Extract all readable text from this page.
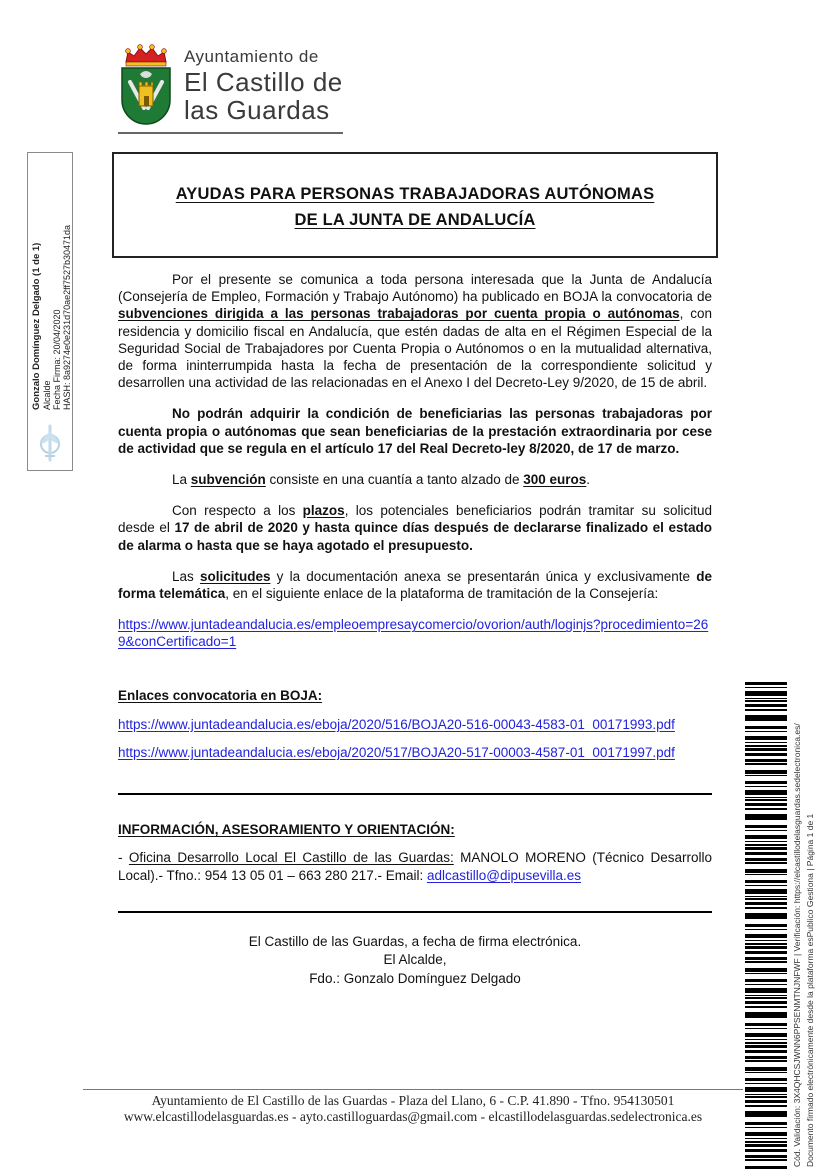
Ayuntamiento de
El Castillo de
las Guardas
Gonzalo Domínguez Delgado (1 de 1) Alcalde Fecha Firma: 20/04/2020 HASH: 8a9274e0e231d70ae2ff7527b30471da
AYUDAS PARA PERSONAS TRABAJADORAS AUTÓNOMAS
DE LA JUNTA DE ANDALUCÍA

Por el presente se comunica a toda persona interesada que la Junta de Andalucía (Consejería de Empleo, Formación y Trabajo Autónomo) ha publicado en BOJA la convocatoria de subvenciones dirigida a las personas trabajadoras por cuenta propia o autónomas, con residencia y domicilio fiscal en Andalucía, que estén dadas de alta en el Régimen Especial de la Seguridad Social de Trabajadores por Cuenta Propia o Autónomos o en la mutualidad alternativa, de forma ininterrumpida hasta la fecha de presentación de la correspondiente solicitud y desarrollen una actividad de las relacionadas en el Anexo I del Decreto-Ley 9/2020, de 15 de abril.

No podrán adquirir la condición de beneficiarias las personas trabajadoras por cuenta propia o autónomas que sean beneficiarias de la prestación extraordinaria por cese de actividad que se regula en el artículo 17 del Real Decreto-ley 8/2020, de 17 de marzo.

La subvención consiste en una cuantía a tanto alzado de 300 euros.

Con respecto a los plazos, los potenciales beneficiarios podrán tramitar su solicitud desde el 17 de abril de 2020 y hasta quince días después de declararse finalizado el estado de alarma o hasta que se haya agotado el presupuesto.

Las solicitudes y la documentación anexa se presentarán única y exclusivamente de forma telemática, en el siguiente enlace de la plataforma de tramitación de la Consejería:

https://www.juntadeandalucia.es/empleoempresaycomercio/ovorion/auth/loginjs?procedimiento=269&conCertificado=1

Enlaces convocatoria en BOJA:

https://www.juntadeandalucia.es/eboja/2020/516/BOJA20-516-00043-4583-01_00171993.pdf

https://www.juntadeandalucia.es/eboja/2020/517/BOJA20-517-00003-4587-01_00171997.pdf

INFORMACIÓN, ASESORAMIENTO Y ORIENTACIÓN:

- Oficina Desarrollo Local El Castillo de las Guardas: MANOLO MORENO (Técnico Desarrollo Local).- Tfno.: 954 13 05 01 – 663 280 217.- Email: adlcastillo@dipusevilla.es

El Castillo de las Guardas, a fecha de firma electrónica.
El Alcalde,
Fdo.: Gonzalo Domínguez Delgado
Ayuntamiento de El Castillo de las Guardas - Plaza del Llano, 6 - C.P. 41.890 - Tfno. 954130501
www.elcastillodelasguardas.es - ayto.castilloguardas@gmail.com - elcastillodelasguardas.sedelectronica.es	Cód. Validación: 3X4QHCSJWNN6PPSENMTNJNFWF | Verificación: https://elcastillodelasguardas.sedelectronica.es/ Documento firmado electrónicamente desde la plataforma esPublico Gestiona | Página 1 de 1
